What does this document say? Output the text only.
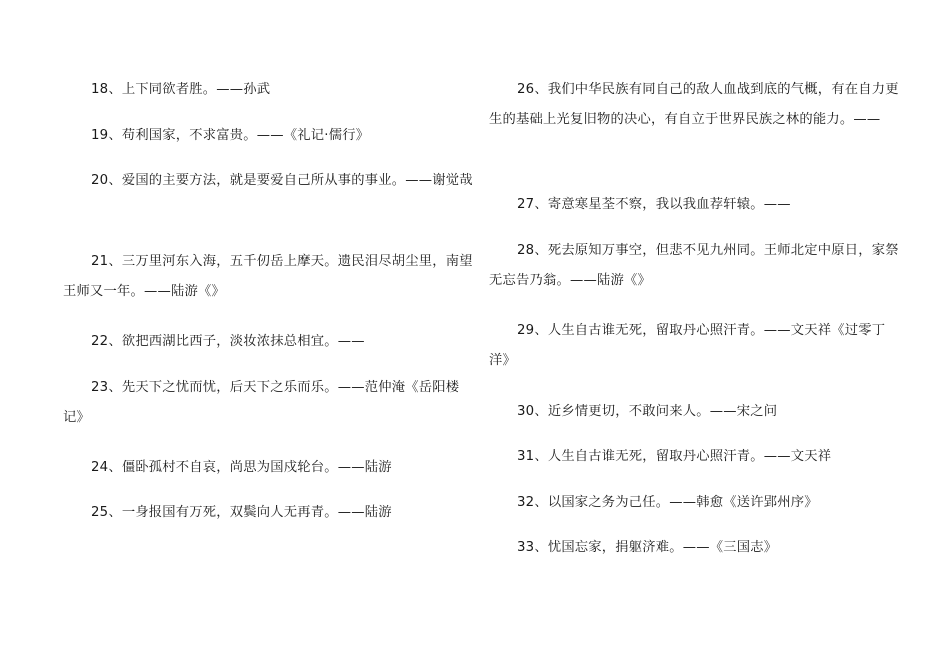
18、上下同欲者胜。——孙武
19、苟利国家，不求富贵。——《礼记·儒行》
20、爱国的主要方法，就是要爱自己所从事的事业。——谢觉哉
21、三万里河东入海，五千仞岳上摩天。遗民泪尽胡尘里，南望王师又一年。——陆游《》
22、欲把西湖比西子，淡妆浓抹总相宜。——
23、先天下之忧而忧，后天下之乐而乐。——范仲淹《岳阳楼记》
24、僵卧孤村不自哀，尚思为国戍轮台。——陆游
25、一身报国有万死，双鬓向人无再青。——陆游
26、我们中华民族有同自己的敌人血战到底的气概，有在自力更生的基础上光复旧物的决心，有自立于世界民族之林的能力。——
27、寄意寒星荃不察，我以我血荐轩辕。——
28、死去原知万事空，但悲不见九州同。王师北定中原日，家祭无忘告乃翁。——陆游《》
29、人生自古谁无死，留取丹心照汗青。——文天祥《过零丁洋》
30、近乡情更切，不敢问来人。——宋之问
31、人生自古谁无死，留取丹心照汗青。——文天祥
32、以国家之务为己任。——韩愈《送许郢州序》
33、忧国忘家，捐躯济难。——《三国志》
